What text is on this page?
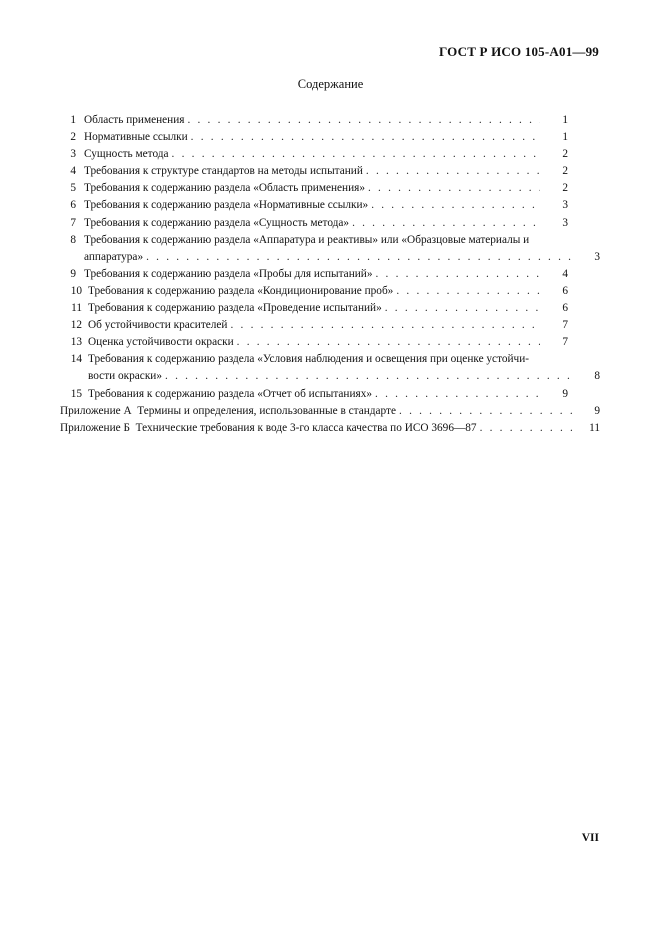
ГОСТ Р ИСО 105-А01—99
Содержание
1 Область применения . . .	1
2 Нормативные ссылки . . .	1
3 Сущность метода . . .	2
4 Требования к структуре стандартов на методы испытаний . . .	2
5 Требования к содержанию раздела «Область применения» . . .	2
6 Требования к содержанию раздела «Нормативные ссылки» . . .	3
7 Требования к содержанию раздела «Сущность метода» . . .	3
8 Требования к содержанию раздела «Аппаратура и реактивы» или «Образцовые материалы и
аппаратура» . . .	3
9 Требования к содержанию раздела «Пробы для испытаний» . . .	4
10 Требования к содержанию раздела «Кондиционирование проб» . . .	6
11 Требования к содержанию раздела «Проведение испытаний» . . .	6
12 Об устойчивости красителей . . .	7
13 Оценка устойчивости окраски . . .	7
14 Требования к содержанию раздела «Условия наблюдения и освещения при оценке устойчи-
вости окраски» . . .	8
15 Требования к содержанию раздела «Отчет об испытаниях» . . .	9
Приложение А
Термины и определения, использованные в стандарте . . .	9
Приложение Б
Технические требования к воде 3-го класса качества по ИСО 3696—87 . . .	11
VII
